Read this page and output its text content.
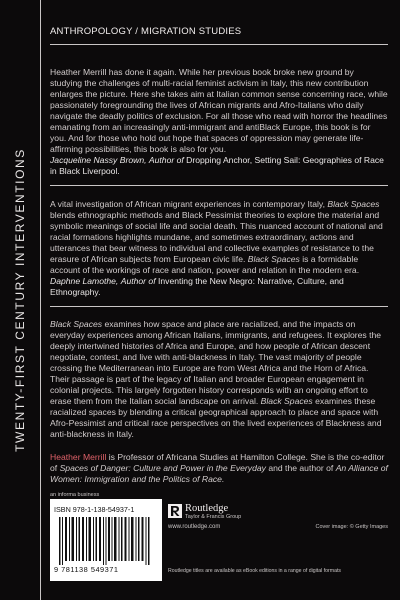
TWENTY-FIRST CENTURY INTERVENTIONS
ANTHROPOLOGY / MIGRATION STUDIES

Heather Merrill has done it again. While her previous book broke new ground by studying the challenges of multi-racial feminist activism in Italy, this new contribution enlarges the picture. Here she takes aim at Italian common sense concerning race, while passionately foregrounding the lives of African migrants and Afro-Italians who daily navigate the deadly politics of exclusion. For all those who read with horror the headlines emanating from an increasingly anti-immigrant and antiBlack Europe, this book is for you. And for those who hold out hope that spaces of oppression may generate life-affirming possibilities, this book is also for you.

Jacqueline Nassy Brown, Author of Dropping Anchor, Setting Sail: Geographies of Race in Black Liverpool.

A vital investigation of African migrant experiences in contemporary Italy, Black Spaces blends ethnographic methods and Black Pessimist theories to explore the material and symbolic meanings of social life and social death. This nuanced account of national and racial formations highlights mundane, and sometimes extraordinary, actions and utterances that bear witness to individual and collective examples of resistance to the erasure of African subjects from European civic life. Black Spaces is a formidable account of the workings of race and nation, power and relation in the modern era.

Daphne Lamothe, Author of Inventing the New Negro: Narrative, Culture, and Ethnography.

Black Spaces examines how space and place are racialized, and the impacts on everyday experiences among African Italians, immigrants, and refugees. It explores the deeply intertwined histories of Africa and Europe, and how people of African descent negotiate, contest, and live with anti-blackness in Italy. The vast majority of people crossing the Mediterranean into Europe are from West Africa and the Horn of Africa. Their passage is part of the legacy of Italian and broader European engagement in colonial projects. This largely forgotten history corresponds with an ongoing effort to erase them from the Italian social landscape on arrival. Black Spaces examines these racialized spaces by blending a critical geographical approach to place and space with Afro-Pessimist and critical race perspectives on the lived experiences of Blackness and anti-blackness in Italy.

Heather Merrill is Professor of Africana Studies at Hamilton College. She is the co-editor of Spaces of Danger: Culture and Power in the Everyday and the author of An Alliance of Women: Immigration and the Politics of Race.

an informa business
ISBN 978-1-138-54937-1
9 781138 549371
Routledge
Taylor & Francis Group
www.routledge.com	Cover image: © Getty Images
Routledge titles are available as eBook editions in a range of digital formats
